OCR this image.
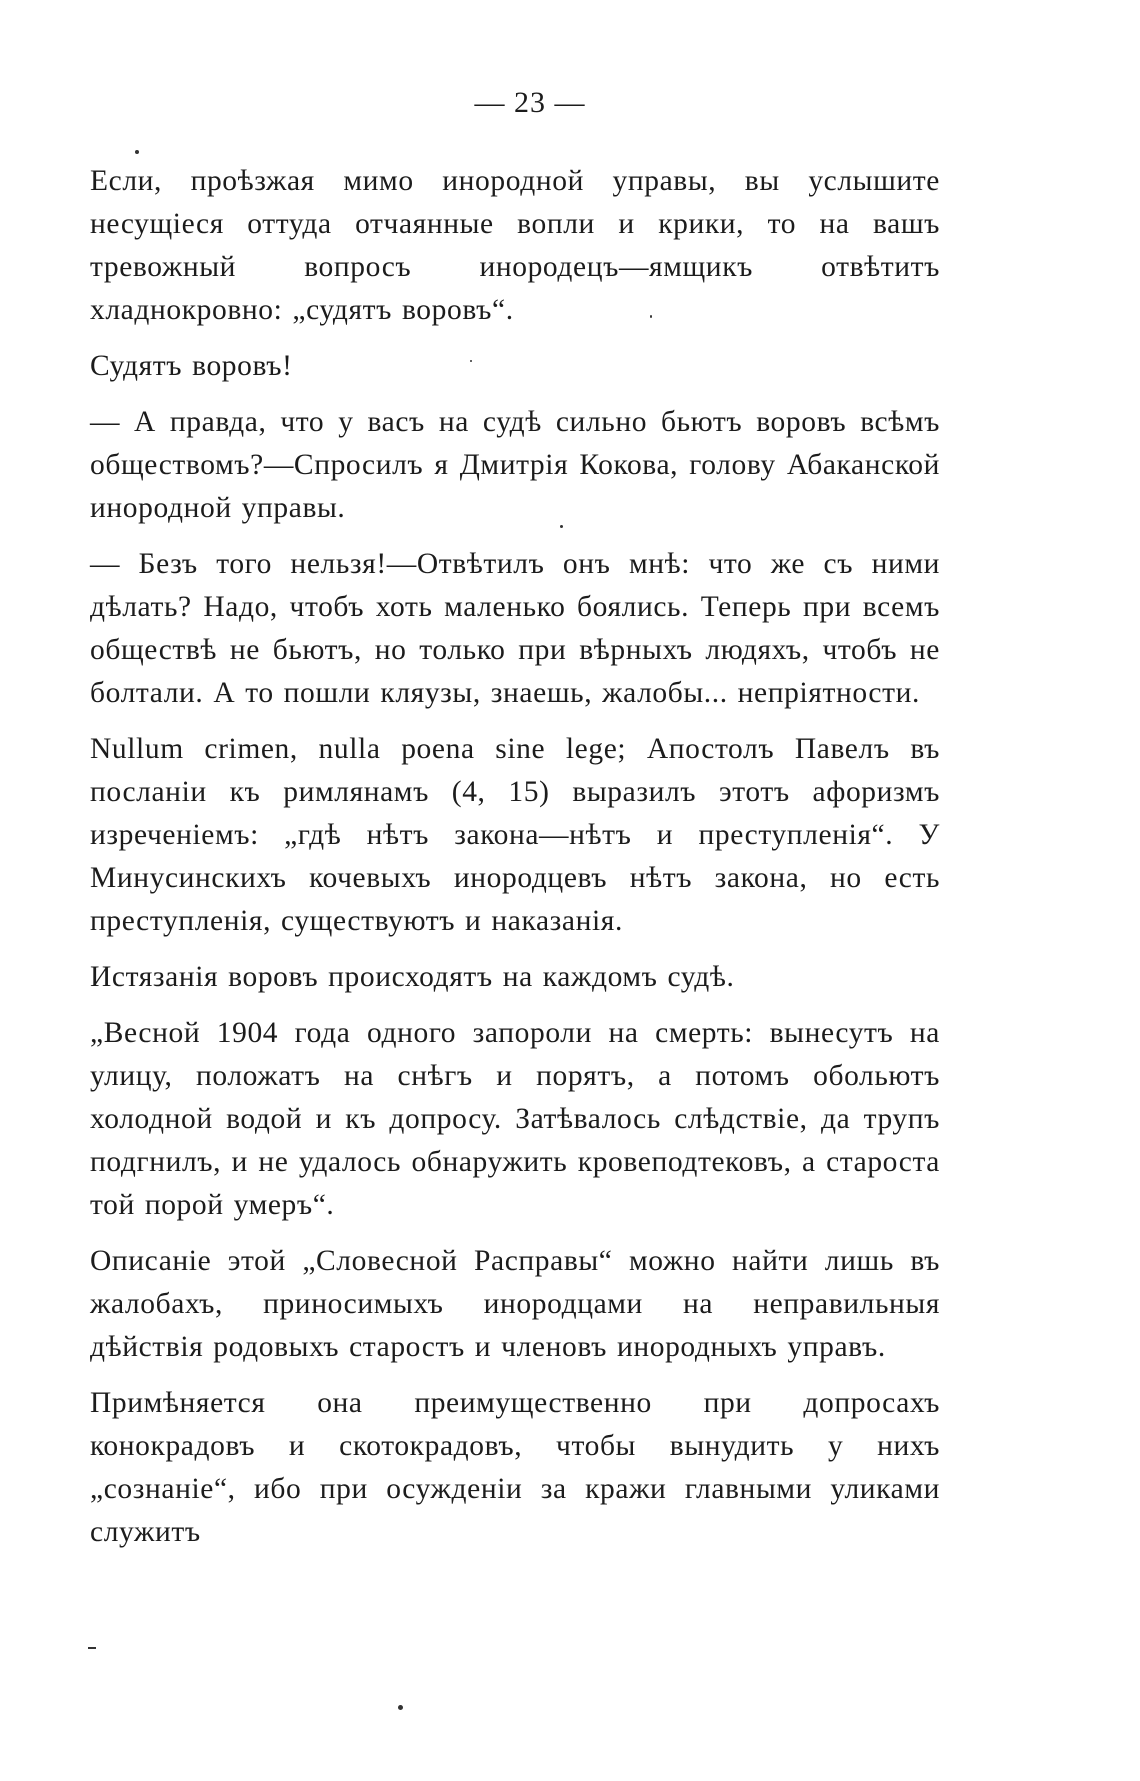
— 23 —

Если, проѣзжая мимо инородной управы, вы услышите несущіеся оттуда отчаянные вопли и крики, то на вашъ тревожный вопросъ инородецъ—ямщикъ отвѣтитъ хладнокровно: „судятъ воровъ“.

Судятъ воровъ!

— А правда, что у васъ на судѣ сильно бьютъ воровъ всѣмъ обществомъ?—Спросилъ я Дмитрія Кокова, голову Абаканской инородной управы.

— Безъ того нельзя!—Отвѣтилъ онъ мнѣ: что же съ ними дѣлать? Надо, чтобъ хоть маленько боялись. Теперь при всемъ обществѣ не бьютъ, но только при вѣрныхъ людяхъ, чтобъ не болтали. А то пошли кляузы, знаешь, жалобы... непріятности.

Nullum crimen, nulla poena sine lege; Апостолъ Павелъ въ посланіи къ римлянамъ (4, 15) выразилъ этотъ афоризмъ изреченіемъ: „гдѣ нѣтъ закона—нѣтъ и преступленія“. У Минусинскихъ кочевыхъ инородцевъ нѣтъ закона, но есть преступленія, существуютъ и наказанія.

Истязанія воровъ происходятъ на каждомъ судѣ.

„Весной 1904 года одного запороли на смерть: вынесутъ на улицу, положатъ на снѣгъ и порятъ, а потомъ обольютъ холодной водой и къ допросу. Затѣвалось слѣдствіе, да трупъ подгнилъ, и не удалось обнаружить кровеподтековъ, а староста той порой умеръ“.

Описаніе этой „Словесной Расправы“ можно найти лишь въ жалобахъ, приносимыхъ инородцами на неправильныя дѣйствія родовыхъ старостъ и членовъ инородныхъ управъ.

Примѣняется она преимущественно при допросахъ конокрадовъ и скотокрадовъ, чтобы вынудить у нихъ „сознаніе“, ибо при осужденіи за кражи главными уликами служитъ
